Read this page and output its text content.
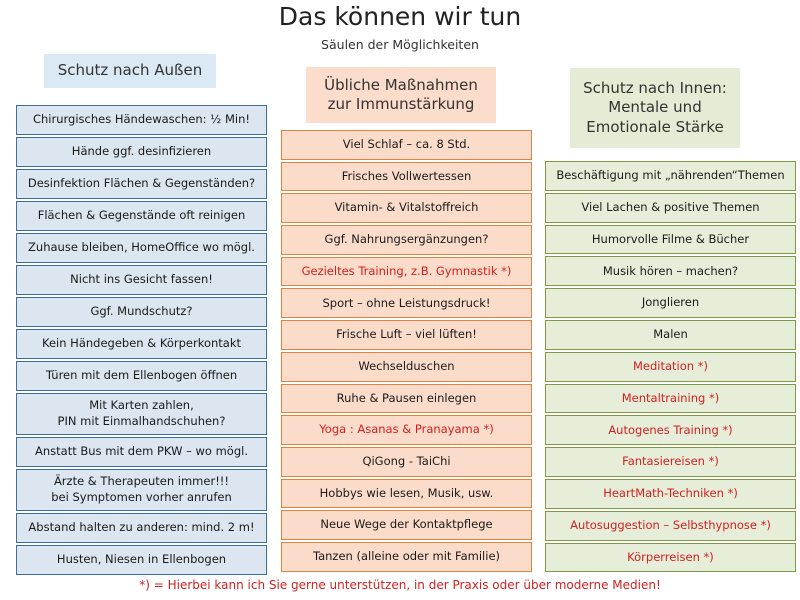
Das können wir tun
Säulen der Möglichkeiten
Schutz nach Außen
Übliche Maßnahmen
zur Immunstärkung
Schutz nach Innen:
Mentale und
Emotionale Stärke
Chirurgisches Händewaschen: ½ Min!
Hände ggf. desinfizieren
Desinfektion Flächen & Gegenständen?
Flächen & Gegenstände oft reinigen
Zuhause bleiben, HomeOffice wo mögl.
Nicht ins Gesicht fassen!
Ggf. Mundschutz?
Kein Händegeben & Körperkontakt
Türen mit dem Ellenbogen öffnen
Mit Karten zahlen,
PIN mit Einmalhandschuhen?
Anstatt Bus mit dem PKW – wo mögl.
Ärzte & Therapeuten immer!!!
bei Symptomen vorher anrufen
Abstand halten zu anderen: mind. 2 m!
Husten, Niesen in Ellenbogen
Viel Schlaf – ca. 8 Std.
Frisches Vollwertessen
Vitamin- & Vitalstoffreich
Ggf. Nahrungsergänzungen?
Gezieltes Training, z.B. Gymnastik *)
Sport – ohne Leistungsdruck!
Frische Luft – viel lüften!
Wechselduschen
Ruhe & Pausen einlegen
Yoga : Asanas & Pranayama *)
QiGong - TaiChi
Hobbys wie lesen, Musik, usw.
Neue Wege der Kontaktpflege
Tanzen (alleine oder mit Familie)
Beschäftigung mit „nährenden“Themen
Viel Lachen & positive Themen
Humorvolle Filme & Bücher
Musik hören – machen?
Jonglieren
Malen
Meditation *)
Mentaltraining *)
Autogenes Training *)
Fantasiereisen *)
HeartMath-Techniken *)
Autosuggestion – Selbsthypnose *)
Körperreisen *)
*) = Hierbei kann ich Sie gerne unterstützen, in der Praxis oder über moderne Medien!
